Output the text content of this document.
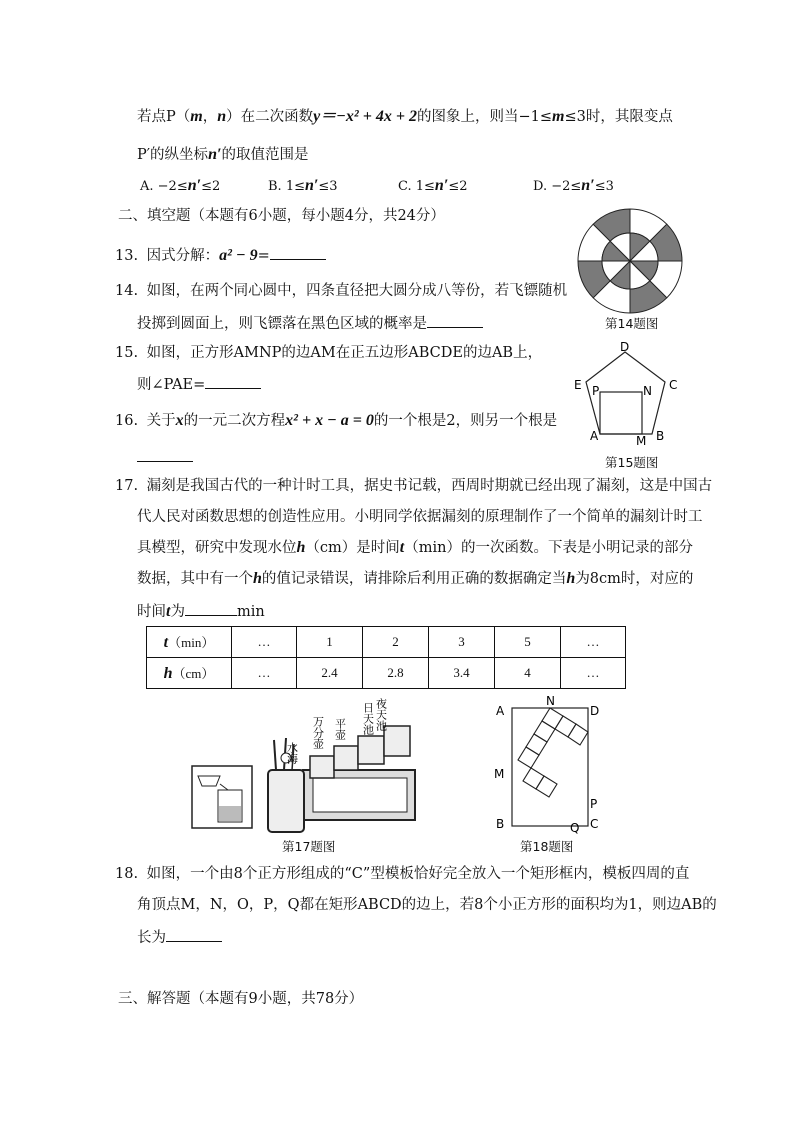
若点P（m，n）在二次函数y＝−x² + 4x + 2的图象上，则当−1≤m≤3时，其限变点
P′的纵坐标n′的取值范围是
A. −2≤n′≤2	B. 1≤n′≤3	C. 1≤n′≤2	D. −2≤n′≤3
二、填空题（本题有6小题，每小题4分，共24分）
13. 因式分解：a² − 9=
14. 如图，在两个同心圆中，四条直径把大圆分成八等份，若飞镖随机
投掷到圆面上，则飞镖落在黑色区域的概率是	第14题图
15. 如图，正方形AMNP的边AM在正五边形ABCDE的边AB上，
则∠PAE=
D
E	C
P	N
A	M B
第15题图
16. 关于x的一元二次方程x² + x − a = 0的一个根是2，则另一个根是
17. 漏刻是我国古代的一种计时工具，据史书记载，西周时期就已经出现了漏刻，这是中国古
代人民对函数思想的创造性应用。小明同学依据漏刻的原理制作了一个简单的漏刻计时工
具模型，研究中发现水位h（cm）是时间t（min）的一次函数。下表是小明记录的部分
数据，其中有一个h的值记录错误，请排除后利用正确的数据确定当h为8cm时，对应的
时间t为	min
t（min）	…	1	2	3	5	…
h（cm）	…	2.4	2.8	3.4	4	…
水海
万分壶 平壶 日天池 夜天池
第17题图
A
N
D
M
P
B	Q C
第18题图
18. 如图，一个由8个正方形组成的“C”型模板恰好完全放入一个矩形框内，模板四周的直
角顶点M，N，O，P，Q都在矩形ABCD的边上，若8个小正方形的面积均为1，则边AB的
长为
三、解答题（本题有9小题，共78分）
